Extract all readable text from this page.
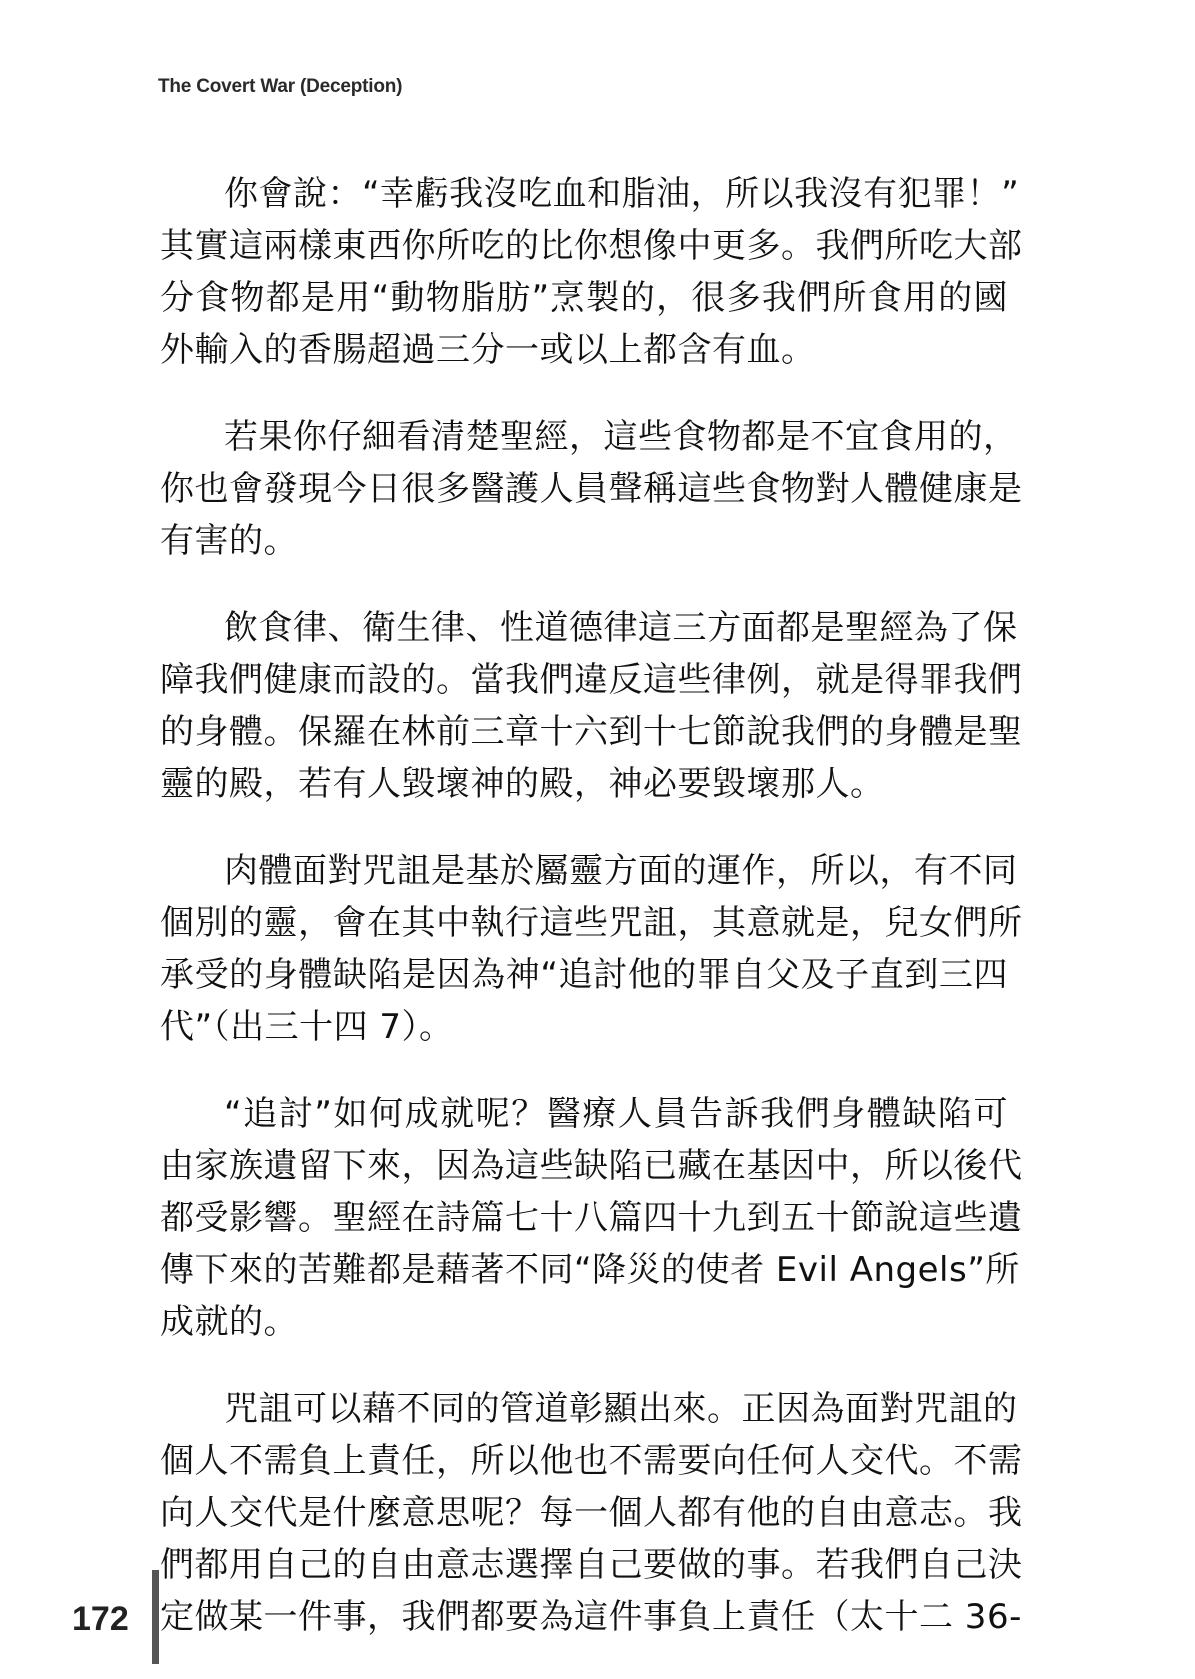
The Covert War (Deception)
你會說：“幸虧我沒吃血和脂油，所以我沒有犯罪！”
其實這兩樣東西你所吃的比你想像中更多。我們所吃大部
分食物都是用“動物脂肪”烹製的，很多我們所食用的國
外輸入的香腸超過三分一或以上都含有血。
若果你仔細看清楚聖經，這些食物都是不宜食用的，
你也會發現今日很多醫護人員聲稱這些食物對人體健康是
有害的。
飲食律、衛生律、性道德律這三方面都是聖經為了保
障我們健康而設的。當我們違反這些律例，就是得罪我們
的身體。保羅在林前三章十六到十七節說我們的身體是聖
靈的殿，若有人毀壞神的殿，神必要毀壞那人。
肉體面對咒詛是基於屬靈方面的運作，所以，有不同
個別的靈，會在其中執行這些咒詛，其意就是，兒女們所
承受的身體缺陷是因為神“追討他的罪自父及子直到三四
代”（出三十四 7）。
“追討”如何成就呢？醫療人員告訴我們身體缺陷可
由家族遺留下來，因為這些缺陷已藏在基因中，所以後代
都受影響。聖經在詩篇七十八篇四十九到五十節說這些遺
傳下來的苦難都是藉著不同“降災的使者 Evil Angels”所
成就的。
咒詛可以藉不同的管道彰顯出來。正因為面對咒詛的
個人不需負上責任，所以他也不需要向任何人交代。不需
向人交代是什麼意思呢？每一個人都有他的自由意志。我
們都用自己的自由意志選擇自己要做的事。若我們自己決
定做某一件事，我們都要為這件事負上責任（太十二 36-
172
